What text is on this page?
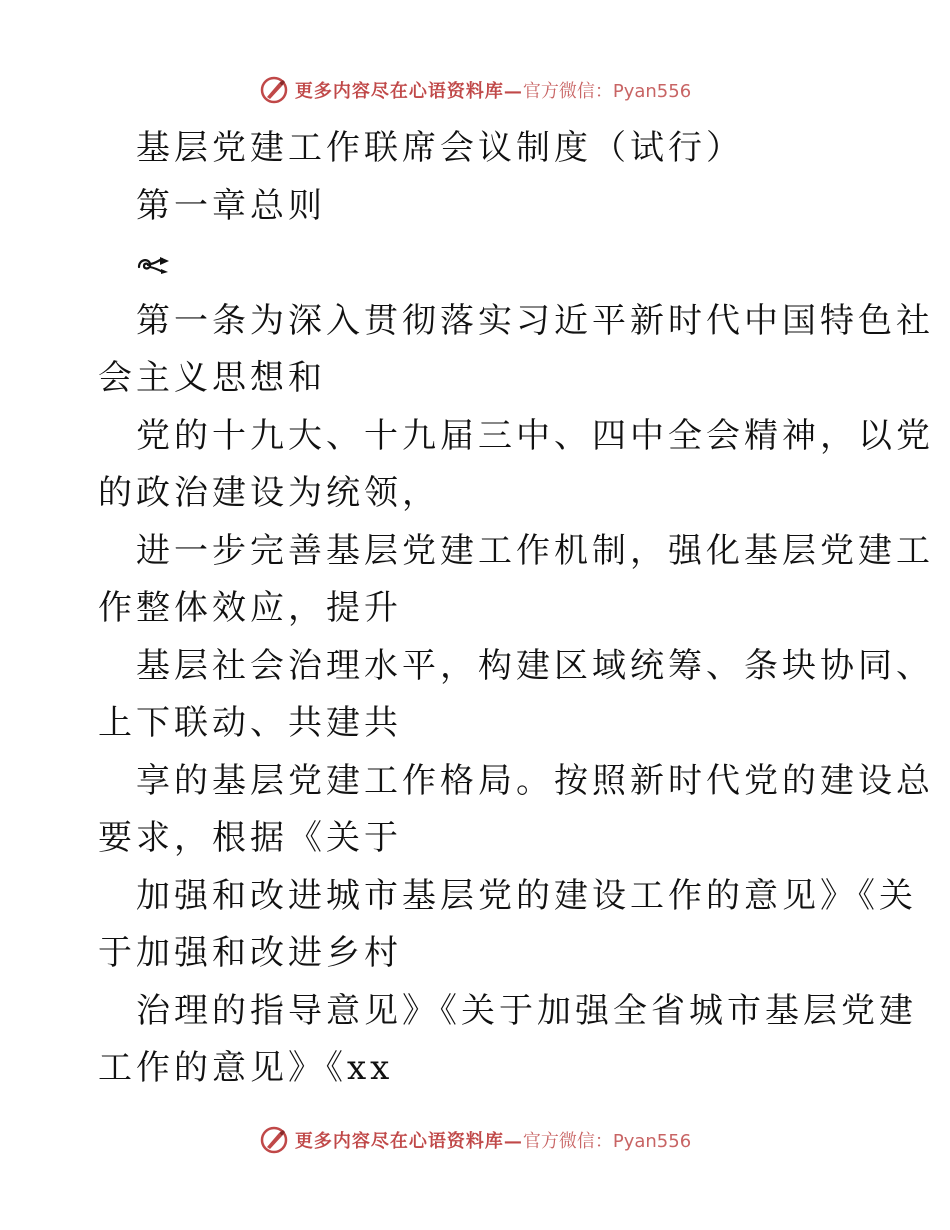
更多内容尽在心语资料库— 官方微信：Pyan556
基层党建工作联席会议制度（试行）
第一章总则
第一条为深入贯彻落实习近平新时代中国特色社
会主义思想和
党的十九大、十九届三中、四中全会精神，以党
的政治建设为统领，
进一步完善基层党建工作机制，强化基层党建工
作整体效应，提升
基层社会治理水平，构建区域统筹、条块协同、
上下联动、共建共
享的基层党建工作格局。按照新时代党的建设总
要求，根据《关于
加强和改进城市基层党的建设工作的意见》《关
于加强和改进乡村
治理的指导意见》《关于加强全省城市基层党建
工作的意见》《xx
更多内容尽在心语资料库— 官方微信：Pyan556
